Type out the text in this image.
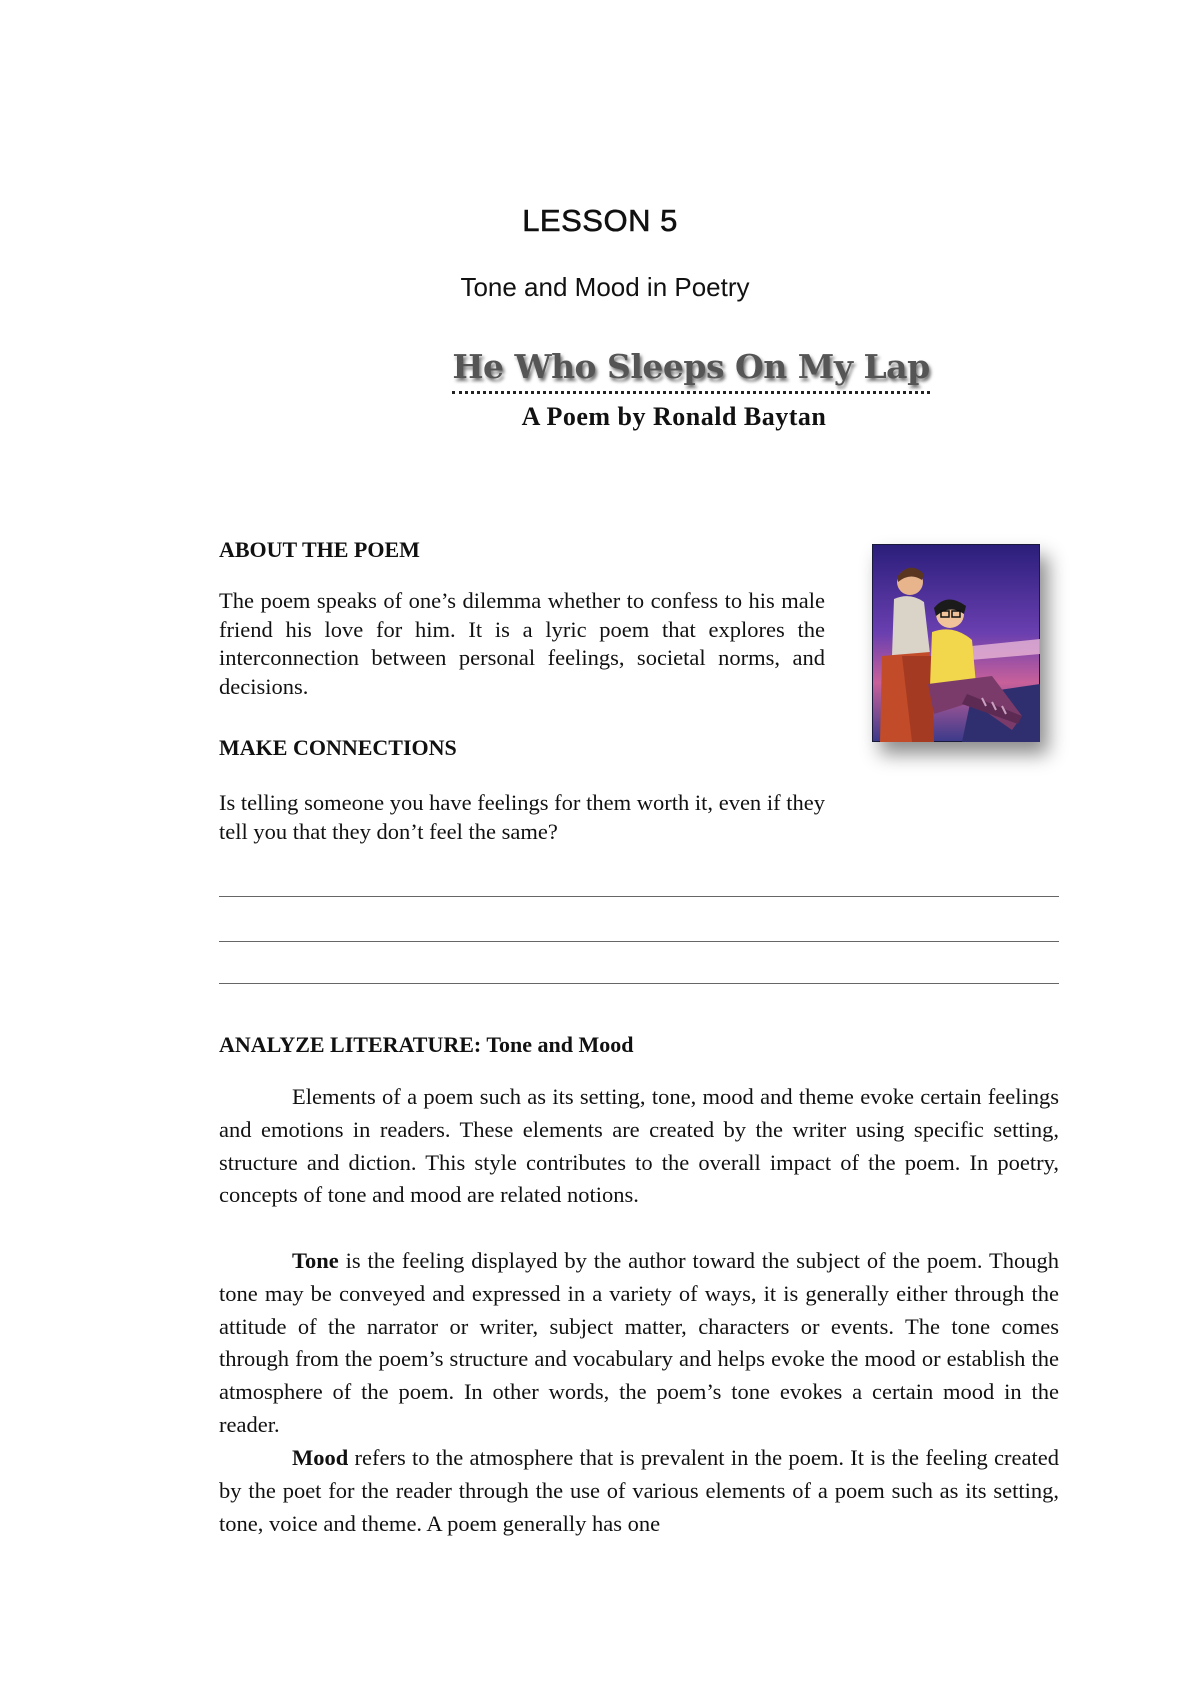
LESSON 5
Tone and Mood in Poetry
He Who Sleeps On My Lap

A Poem by Ronald Baytan

ABOUT THE POEM

The poem speaks of one’s dilemma whether to confess to his male friend his love for him. It is a lyric poem that explores the interconnection between personal feelings, societal norms, and decisions.

MAKE CONNECTIONS

Is telling someone you have feelings for them worth it, even if they tell you that they don’t feel the same?

ANALYZE LITERATURE: Tone and Mood

Elements of a poem such as its setting, tone, mood and theme evoke certain feelings and emotions in readers. These elements are created by the writer using specific setting, structure and diction. This style contributes to the overall impact of the poem. In poetry, concepts of tone and mood are related notions.

Tone is the feeling displayed by the author toward the subject of the poem. Though tone may be conveyed and expressed in a variety of ways, it is generally either through the attitude of the narrator or writer, subject matter, characters or events. The tone comes through from the poem’s structure and vocabulary and helps evoke the mood or establish the atmosphere of the poem. In other words, the poem’s tone evokes a certain mood in the reader.

Mood refers to the atmosphere that is prevalent in the poem. It is the feeling created by the poet for the reader through the use of various elements of a poem such as its setting, tone, voice and theme. A poem generally has one
